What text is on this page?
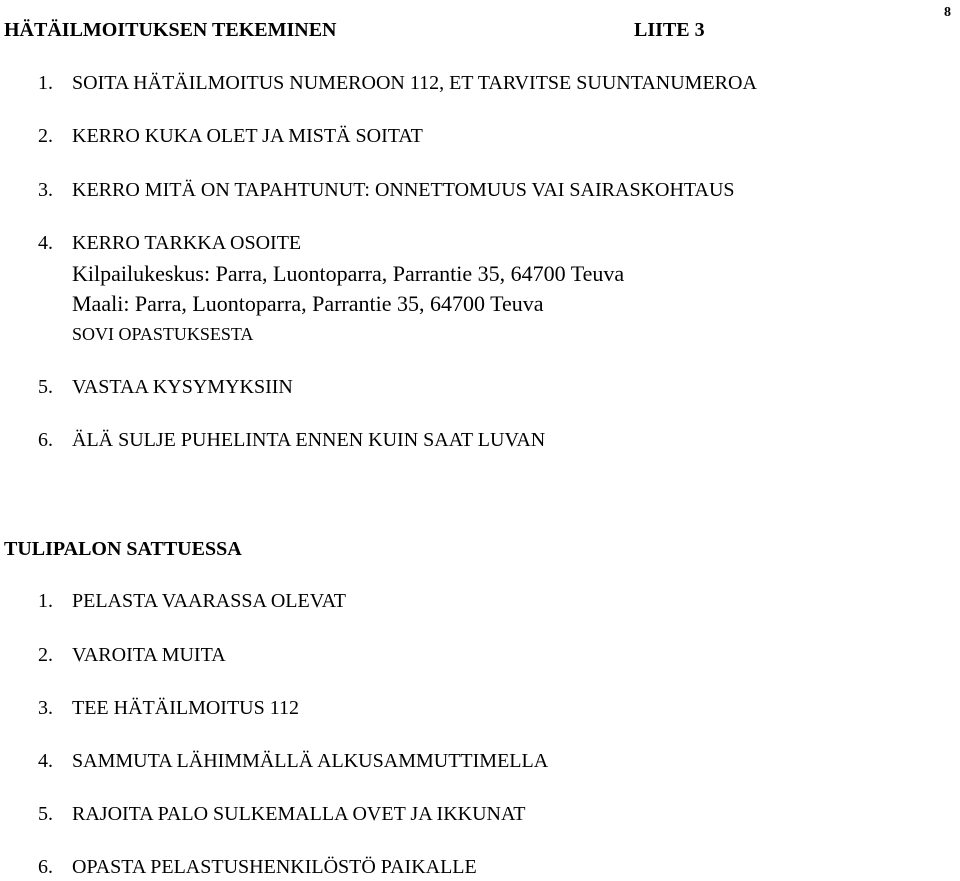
HÄTÄILMOITUKSEN TEKEMINEN	LIITE 3
8
1. SOITA HÄTÄILMOITUS NUMEROON 112, ET TARVITSE SUUNTANUMEROA
2. KERRO KUKA OLET JA MISTÄ SOITAT
3. KERRO MITÄ ON TAPAHTUNUT: ONNETTOMUUS VAI SAIRASKOHTAUS
4. KERRO TARKKA OSOITE
Kilpailukeskus: Parra, Luontoparra, Parrantie 35, 64700 Teuva
Maali: Parra, Luontoparra, Parrantie 35, 64700 Teuva
SOVI OPASTUKSESTA
5. VASTAA KYSYMYKSIIN
6. ÄLÄ SULJE PUHELINTA ENNEN KUIN SAAT LUVAN
TULIPALON SATTUESSA
1. PELASTA VAARASSA OLEVAT
2. VAROITA MUITA
3. TEE HÄTÄILMOITUS 112
4. SAMMUTA LÄHIMMÄLLÄ ALKUSAMMUTTIMELLA
5. RAJOITA PALO SULKEMALLA OVET JA IKKUNAT
6. OPASTA PELASTUSHENKILÖSTÖ PAIKALLE
